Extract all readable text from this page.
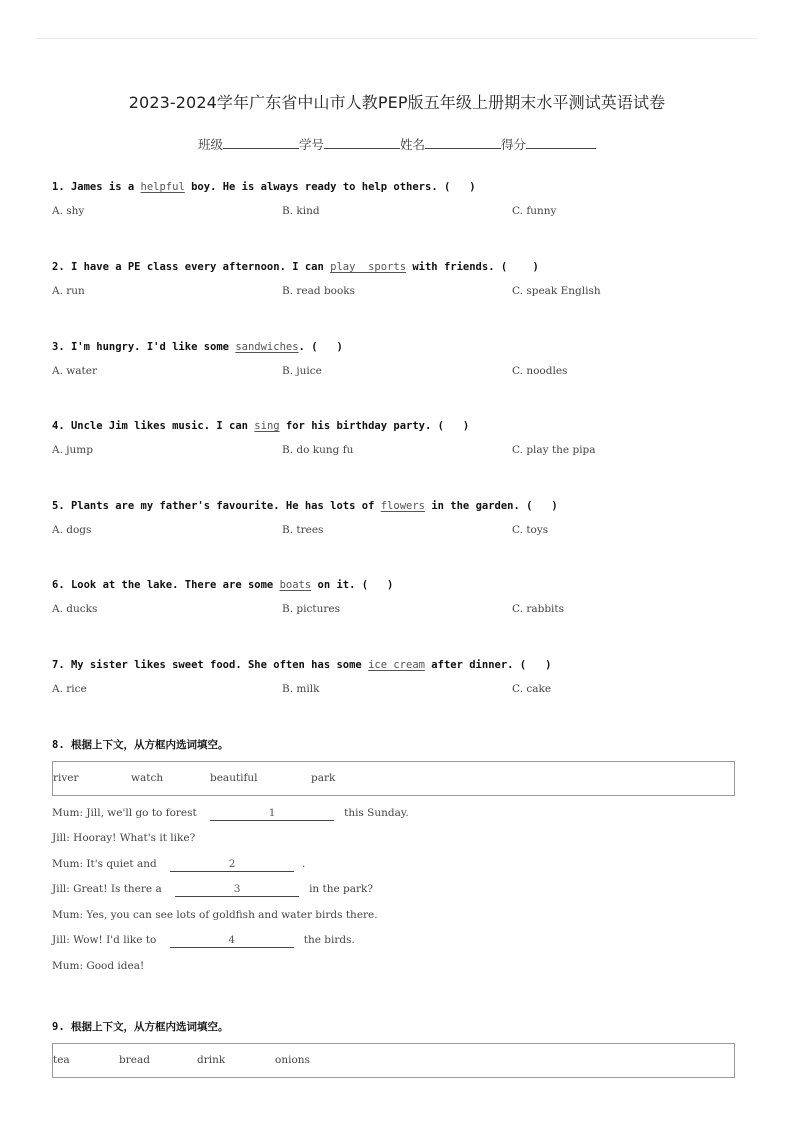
2023-2024学年广东省中山市人教PEP版五年级上册期末水平测试英语试卷
班级	学号	姓名	得分
1. James is a helpful boy. He is always ready to help others. (   )
A. shy	B. kind	C. funny
2. I have a PE class every afternoon. I can play  sports with friends. (    )
A. run	B. read books	C. speak English
3. I'm hungry. I'd like some sandwiches. (   )
A. water	B. juice	C. noodles
4. Uncle Jim likes music. I can sing for his birthday party. (   )
A. jump	B. do kung fu	C. play the pipa
5. Plants are my father's favourite. He has lots of flowers in the garden. (   )
A. dogs	B. trees	C. toys
6. Look at the lake. There are some boats on it. (   )
A. ducks	B. pictures	C. rabbits
7. My sister likes sweet food. She often has some ice cream after dinner. (   )
A. rice	B. milk	C. cake
8. 根据上下文，从方框内选词填空。
river	watch	beautiful	park
Mum: Jill, we'll go to forest	1	this Sunday.
Jill: Hooray! What's it like?
Mum: It's quiet and	2	.
Jill: Great! Is there a	3	in the park?
Mum: Yes, you can see lots of goldfish and water birds there.
Jill: Wow! I'd like to	4	the birds.
Mum: Good idea!
9. 根据上下文，从方框内选词填空。
tea	bread	drink	onions
